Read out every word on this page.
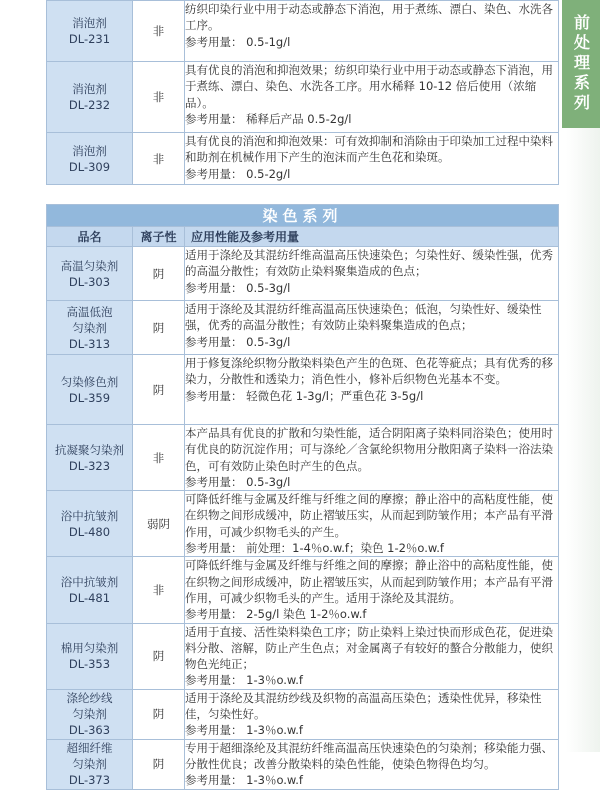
前处理系列
消泡剂
DL-231	非	纺织印染行业中用于动态或静态下消泡，用于煮练、漂白、染色、水洗各工序。
参考用量： 0.5-1g/l

消泡剂
DL-232	非	具有优良的消泡和抑泡效果；纺织印染行业中用于动态或静态下消泡，用于煮练、漂白、染色、水洗各工序。用水稀释 10-12 倍后使用（浓缩品）。
参考用量： 稀释后产品 0.5-2g/l

消泡剂
DL-309	非	具有优良的消泡和抑泡效果：可有效抑制和消除由于印染加工过程中染料和助剂在机械作用下产生的泡沫而产生色花和染斑。
参考用量： 0.5-2g/l
染色系列		
品名	离子性	应用性能及参考用量
高温匀染剂
DL-303	阴	适用于涤纶及其混纺纤维高温高压快速染色；匀染性好、缓染性强，优秀的高温分散性；有效防止染料聚集造成的色点；
参考用量： 0.5-3g/l

高温低泡
匀染剂
DL-313	阴	适用于涤纶及其混纺纤维高温高压快速染色；低泡，匀染性好、缓染性强，优秀的高温分散性；有效防止染料聚集造成的色点；
参考用量： 0.5-3g/l

匀染修色剂
DL-359	阴	用于修复涤纶织物分散染料染色产生的色斑、色花等疵点；具有优秀的移染力，分散性和透染力；消色性小，修补后织物色光基本不变。
参考用量： 轻微色花 1-3g/l；严重色花 3-5g/l

抗凝聚匀染剂
DL-323	非	本产品具有优良的扩散和匀染性能，适合阴阳离子染料同浴染色；使用时有优良的防沉淀作用；可与涤纶／含氯纶织物用分散阳离子染料一浴法染色，可有效防止染色时产生的色点。
参考用量： 0.5-3g/l

浴中抗皱剂
DL-480	弱阴	可降低纤维与金属及纤维与纤维之间的摩擦；静止浴中的高粘度性能，使在织物之间形成缓冲，防止褶皱压实，从而起到防皱作用；本产品有平滑作用，可减少织物毛头的产生。
参考用量： 前处理：1-4％o.w.f；染色 1-2％o.w.f

浴中抗皱剂
DL-481	非	可降低纤维与金属及纤维与纤维之间的摩擦；静止浴中的高粘度性能，使在织物之间形成缓冲，防止褶皱压实，从而起到防皱作用；本产品有平滑作用，可减少织物毛头的产生。适用于涤纶及其混纺。
参考用量： 2-5g/l 染色 1-2％o.w.f

棉用匀染剂
DL-353	阴	适用于直接、活性染料染色工序；防止染料上染过快而形成色花，促进染料分散、溶解，防止产生色点；对金属离子有较好的螯合分散能力，使织物色光纯正；
参考用量： 1-3％o.w.f

涤纶纱线
匀染剂
DL-363	阴	适用于涤纶及其混纺纱线及织物的高温高压染色；透染性优异，移染性佳，匀染性好。
参考用量： 1-3％o.w.f

超细纤维
匀染剂
DL-373	阴	专用于超细涤纶及其混纺纤维高温高压快速染色的匀染剂；移染能力强、分散性优良；改善分散染料的染色性能，使染色物得色均匀。
参考用量： 1-3％o.w.f
